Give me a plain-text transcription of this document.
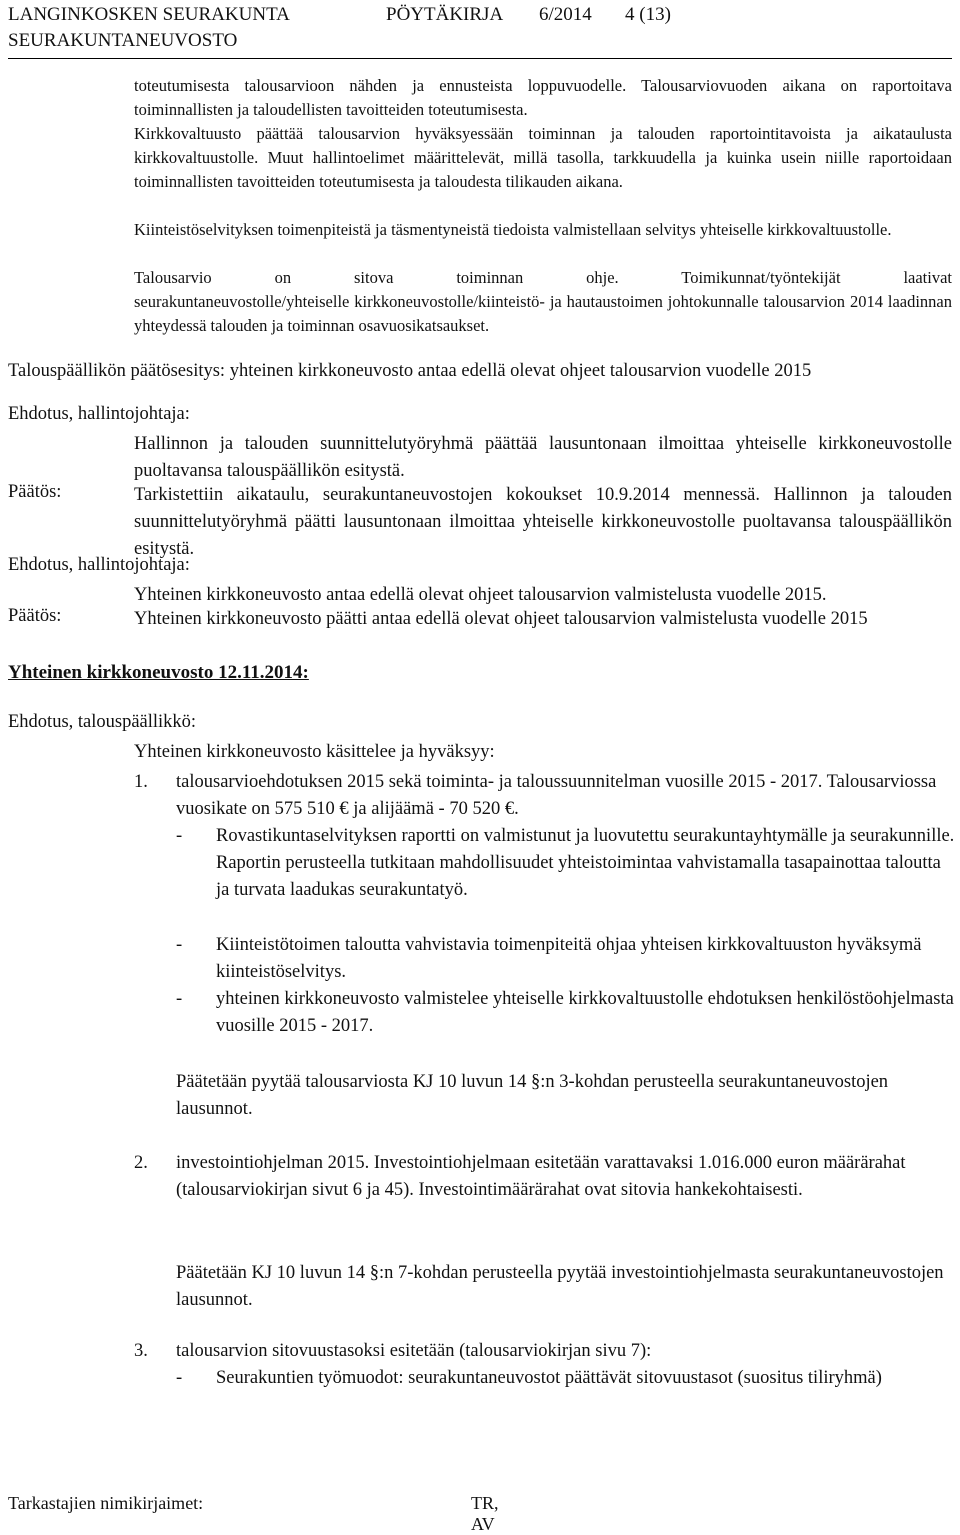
LANGINKOSKEN SEURAKUNTA	PÖYTÄKIRJA	6/2014	4 (13)
SEURAKUNTANEUVOSTO
toteutumisesta talousarvioon nähden ja ennusteista loppuvuodelle. Talousarviovuoden aikana on raportoitava toiminnallisten ja taloudellisten tavoitteiden toteutumisesta.
Kirkkovaltuusto päättää talousarvion hyväksyessään toiminnan ja talouden raportointitavoista ja aikataulusta kirkkovaltuustolle. Muut hallintoelimet määrittelevät, millä tasolla, tarkkuudella ja kuinka usein niille raportoidaan toiminnallisten tavoitteiden toteutumisesta ja taloudesta tilikauden aikana.
Kiinteistöselvityksen toimenpiteistä ja täsmentyneistä tiedoista valmistellaan selvitys yhteiselle kirkkovaltuustolle.
Talousarvio on sitova toiminnan ohje. Toimikunnat/työntekijät laativat
seurakuntaneuvostolle/yhteiselle kirkkoneuvostolle/kiinteistö- ja hautaustoimen johtokunnalle talousarvion 2014 laadinnan yhteydessä talouden ja toiminnan osavuosikatsaukset.
Talouspäällikön päätösesitys: yhteinen kirkkoneuvosto antaa edellä olevat ohjeet talousarvion vuodelle 2015
Ehdotus, hallintojohtaja:
Hallinnon ja talouden suunnittelutyöryhmä päättää lausuntonaan ilmoittaa yhteiselle kirkkoneuvostolle puoltavansa talouspäällikön esitystä.
Päätös:	Tarkistettiin aikataulu, seurakuntaneuvostojen kokoukset 10.9.2014 mennessä. Hallinnon ja talouden suunnittelutyöryhmä päätti lausuntonaan ilmoittaa yhteiselle kirkkoneuvostolle puoltavansa talouspäällikön esitystä.
Ehdotus, hallintojohtaja:
Yhteinen kirkkoneuvosto antaa edellä olevat ohjeet talousarvion valmistelusta vuodelle 2015.
Päätös:	Yhteinen kirkkoneuvosto päätti antaa edellä olevat ohjeet talousarvion valmistelusta vuodelle 2015
Yhteinen kirkkoneuvosto 12.11.2014:
Ehdotus, talouspäällikkö:
Yhteinen kirkkoneuvosto käsittelee ja hyväksyy:
1. talousarvioehdotuksen 2015 sekä toiminta- ja taloussuunnitelman vuosille 2015 - 2017. Talousarviossa vuosikate on 575 510 € ja alijäämä - 70 520 €.
- Rovastikuntaselvityksen raportti on valmistunut ja luovutettu seurakuntayhtymälle ja seurakunnille. Raportin perusteella tutkitaan mahdollisuudet yhteistoimintaa vahvistamalla tasapainottaa taloutta ja turvata laadukas seurakuntatyö.
- Kiinteistötoimen taloutta vahvistavia toimenpiteitä ohjaa yhteisen kirkkovaltuuston hyväksymä kiinteistöselvitys.
- yhteinen kirkkoneuvosto valmistelee yhteiselle kirkkovaltuustolle ehdotuksen henkilöstöohjelmasta vuosille 2015 - 2017.
Päätetään pyytää talousarviosta KJ 10 luvun 14 §:n 3-kohdan perusteella seurakuntaneuvostojen lausunnot.
2. investointiohjelman 2015. Investointiohjelmaan esitetään varattavaksi 1.016.000 euron määrärahat (talousarviokirjan sivut 6 ja 45). Investointimäärärahat ovat sitovia hankekohtaisesti.
Päätetään KJ 10 luvun 14 §:n 7-kohdan perusteella pyytää investointiohjelmasta seurakuntaneuvostojen lausunnot.
3. talousarvion sitovuustasoksi esitetään (talousarviokirjan sivu 7):
- Seurakuntien työmuodot: seurakuntaneuvostot päättävät sitovuustasot (suositus tiliryhmä)
Tarkastajien nimikirjaimet:	TR, AV
